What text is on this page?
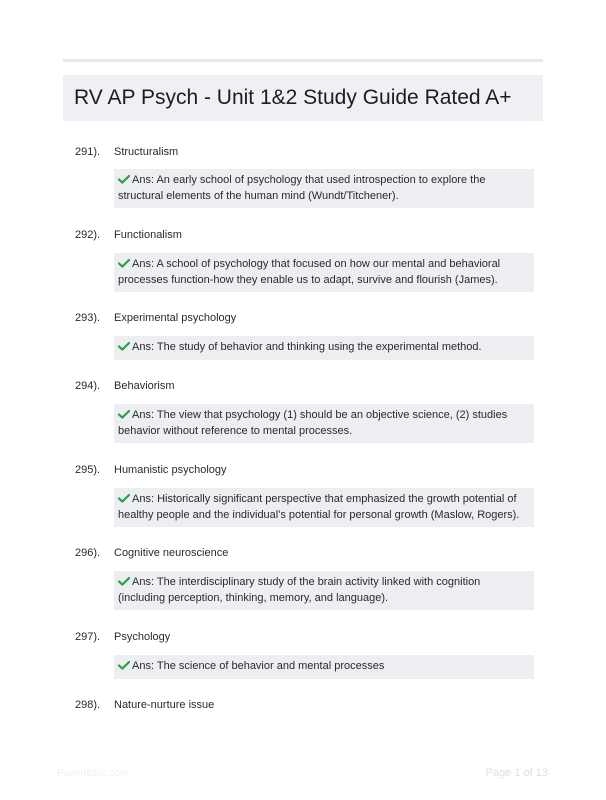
RV AP Psych - Unit 1&2 Study Guide Rated A+
291). Structuralism
Ans: An early school of psychology that used introspection to explore the structural elements of the human mind (Wundt/Titchener).
292). Functionalism
Ans: A school of psychology that focused on how our mental and behavioral processes function-how they enable us to adapt, survive and flourish (James).
293). Experimental psychology
Ans: The study of behavior and thinking using the experimental method.
294). Behaviorism
Ans: The view that psychology (1) should be an objective science, (2) studies behavior without reference to mental processes.
295). Humanistic psychology
Ans: Historically significant perspective that emphasized the growth potential of healthy people and the individual's potential for personal growth (Maslow, Rogers).
296). Cognitive neuroscience
Ans: The interdisciplinary study of the brain activity linked with cognition (including perception, thinking, memory, and language).
297). Psychology
Ans: The science of behavior and mental processes
298). Nature-nurture issue
Paperlibbic.com	Page 1 of 13
